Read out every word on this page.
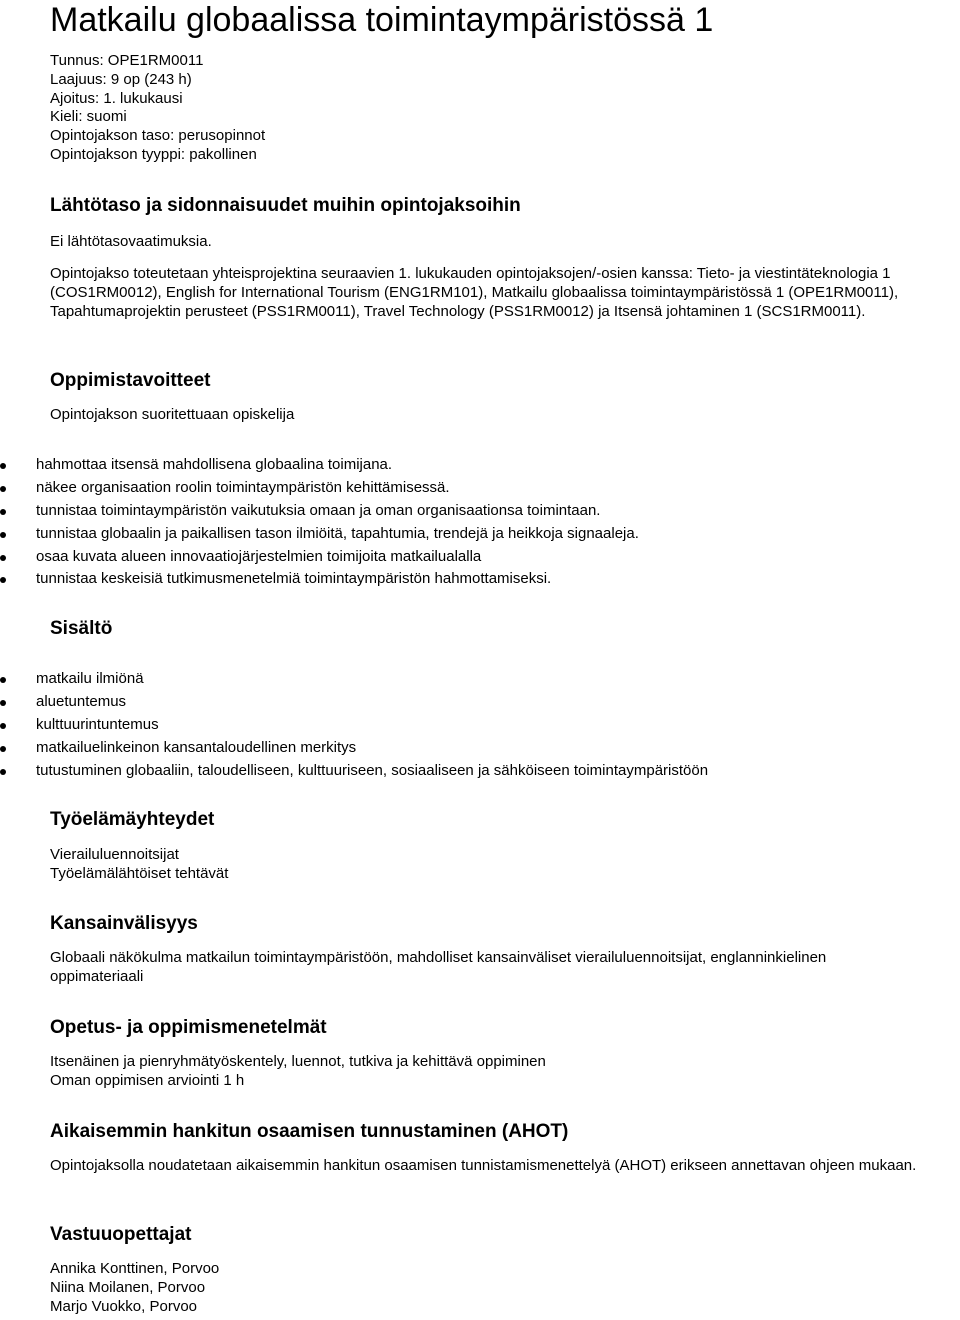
Matkailu globaalissa toimintaympäristössä 1
Tunnus: OPE1RM0011
Laajuus: 9 op (243 h)
Ajoitus: 1. lukukausi
Kieli: suomi
Opintojakson taso: perusopinnot
Opintojakson tyyppi: pakollinen
Lähtötaso ja sidonnaisuudet muihin opintojaksoihin

Ei lähtötasovaatimuksia.

Opintojakso toteutetaan yhteisprojektina seuraavien 1. lukukauden opintojaksojen/-osien kanssa: Tieto- ja viestintäteknologia 1 (COS1RM0012), English for International Tourism (ENG1RM101), Matkailu globaalissa toimintaympäristössä 1 (OPE1RM0011), Tapahtumaprojektin perusteet (PSS1RM0011), Travel Technology (PSS1RM0012) ja Itsensä johtaminen 1 (SCS1RM0011).

Oppimistavoitteet

Opintojakson suoritettuaan opiskelija

hahmottaa itsensä mahdollisena globaalina toimijana.
näkee organisaation roolin toimintaympäristön kehittämisessä.
tunnistaa toimintaympäristön vaikutuksia omaan ja oman organisaationsa toimintaan.
tunnistaa globaalin ja paikallisen tason ilmiöitä, tapahtumia, trendejä ja heikkoja signaaleja.
osaa kuvata alueen innovaatiojärjestelmien toimijoita matkailualalla
tunnistaa keskeisiä tutkimusmenetelmiä toimintaympäristön hahmottamiseksi.
Sisältö
matkailu ilmiönä
aluetuntemus
kulttuurintuntemus
matkailuelinkeinon kansantaloudellinen merkitys
tutustuminen globaaliin, taloudelliseen, kulttuuriseen, sosiaaliseen ja sähköiseen toimintaympäristöön
Työelämäyhteydet
Vierailuluennoitsijat
Työelämälähtöiset tehtävät
Kansainvälisyys

Globaali näkökulma matkailun toimintaympäristöön, mahdolliset kansainväliset vierailuluennoitsijat, englanninkielinen oppimateriaali

Opetus- ja oppimismenetelmät
Itsenäinen ja pienryhmätyöskentely, luennot, tutkiva ja kehittävä oppiminen
Oman oppimisen arviointi 1 h
Aikaisemmin hankitun osaamisen tunnustaminen (AHOT)

Opintojaksolla noudatetaan aikaisemmin hankitun osaamisen tunnistamismenettelyä (AHOT) erikseen annettavan ohjeen mukaan.

Vastuuopettajat
Annika Konttinen, Porvoo
Niina Moilanen, Porvoo
Marjo Vuokko, Porvoo
